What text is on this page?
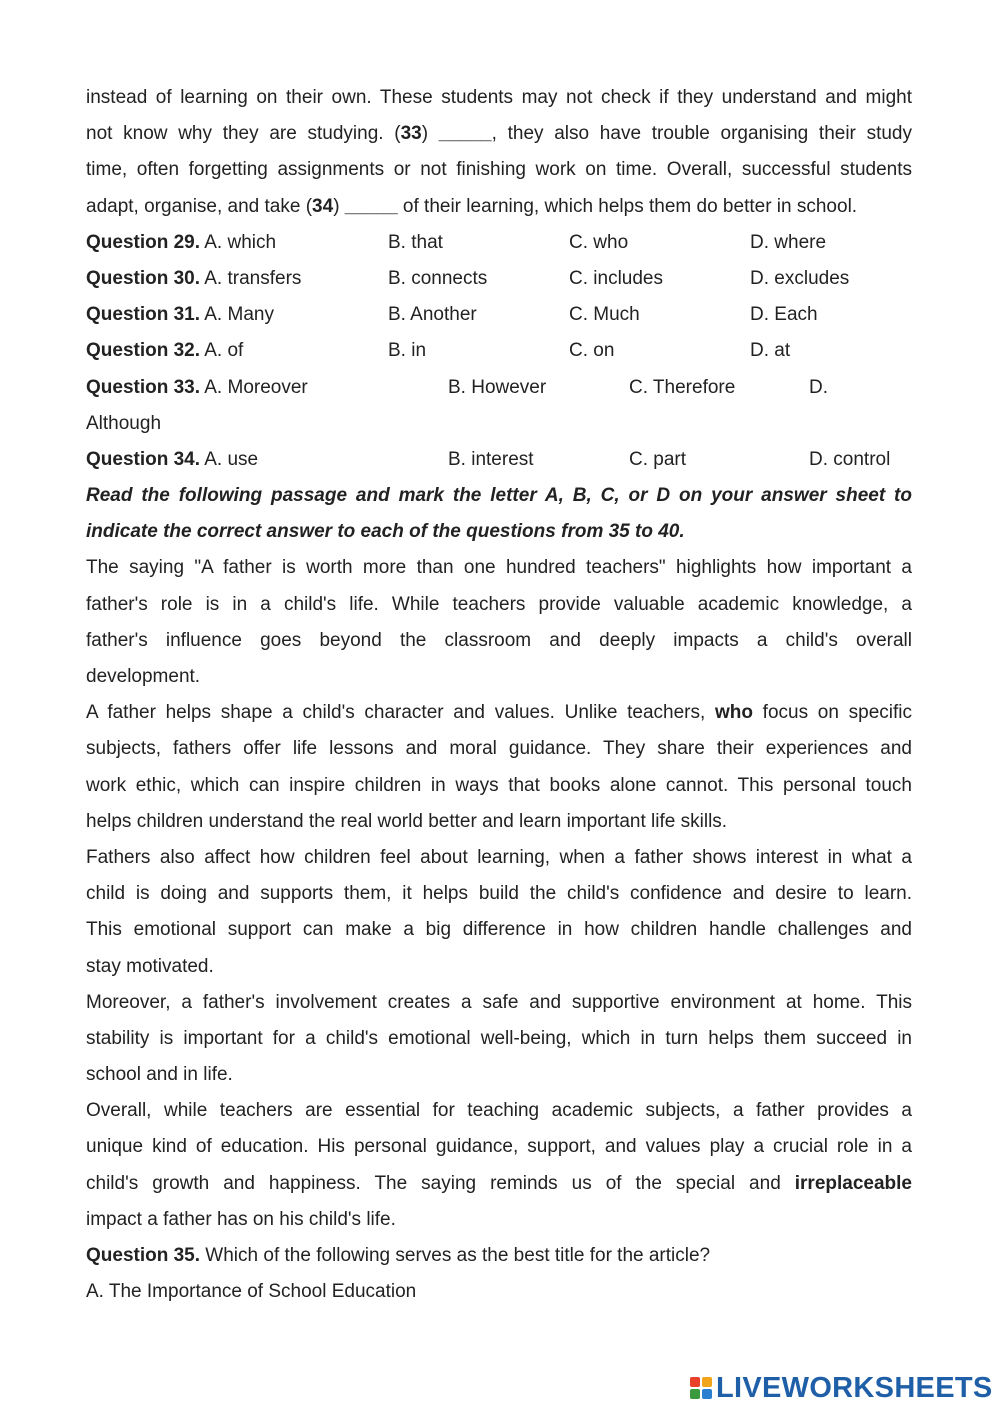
instead of learning on their own. These students may not check if they understand and might
not know why they are studying. (33) _____, they also have trouble organising their study
time, often forgetting assignments or not finishing work on time. Overall, successful students
adapt, organise, and take (34) _____ of their learning, which helps them do better in school.
Question 29. A. which	B. that	C. who	D. where
Question 30. A. transfers	B. connects	C. includes	D. excludes
Question 31. A. Many	B. Another	C. Much	D. Each
Question 32. A. of	B. in	C. on	D. at
Question 33. A. Moreover	B. However	C. Therefore	D.
Although
Question 34. A. use	B. interest	C. part	D. control
Read the following passage and mark the letter A, B, C, or D on your answer sheet to
indicate the correct answer to each of the questions from 35 to 40.
The saying "A father is worth more than one hundred teachers" highlights how important a
father's role is in a child's life. While teachers provide valuable academic knowledge, a
father's influence goes beyond the classroom and deeply impacts a child's overall
development.
A father helps shape a child's character and values. Unlike teachers, who focus on specific
subjects, fathers offer life lessons and moral guidance. They share their experiences and
work ethic, which can inspire children in ways that books alone cannot. This personal touch
helps children understand the real world better and learn important life skills.
Fathers also affect how children feel about learning, when a father shows interest in what a
child is doing and supports them, it helps build the child's confidence and desire to learn.
This emotional support can make a big difference in how children handle challenges and
stay motivated.
Moreover, a father's involvement creates a safe and supportive environment at home. This
stability is important for a child's emotional well-being, which in turn helps them succeed in
school and in life.
Overall, while teachers are essential for teaching academic subjects, a father provides a
unique kind of education. His personal guidance, support, and values play a crucial role in a
child's growth and happiness. The saying reminds us of the special and irreplaceable
impact a father has on his child's life.
Question 35. Which of the following serves as the best title for the article?
A. The Importance of School Education
LIVEWORKSHEETS
